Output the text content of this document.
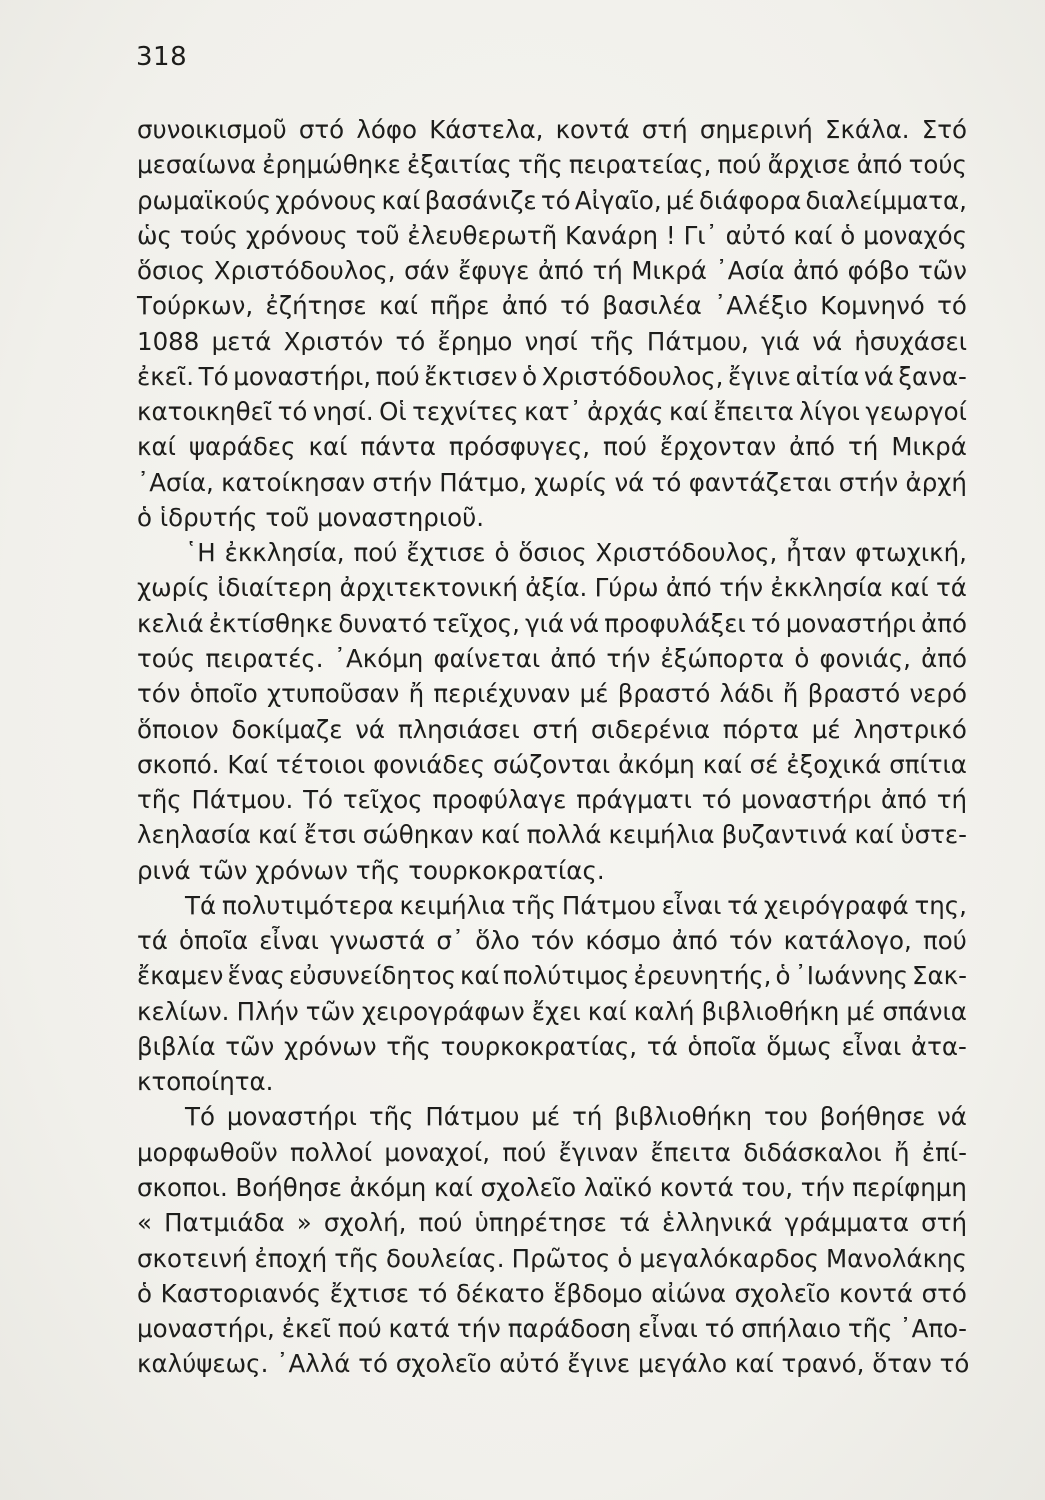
318

συνοικισμοῦ στό λόφο Κάστελα, κοντά στή σημερινή Σκάλα. Στό
μεσαίωνα ἐρημώθηκε ἐξαιτίας τῆς πειρατείας, πού ἄρχισε ἀπό τούς
ρωμαϊκούς χρόνους καί βασάνιζε τό Αἰγαῖο, μέ διάφορα διαλείμματα,
ὡς τούς χρόνους τοῦ ἐλευθερωτῆ Κανάρη ! Γι᾿ αὐτό καί ὁ μοναχός
ὅσιος Χριστόδουλος, σάν ἔφυγε ἀπό τή Μικρά ᾿Ασία ἀπό φόβο τῶν
Τούρκων, ἐζήτησε καί πῆρε ἀπό τό βασιλέα ᾿Αλέξιο Κομνηνό τό
1088 μετά Χριστόν τό ἔρημο νησί τῆς Πάτμου, γιά νά ἡσυχάσει
ἐκεῖ. Τό μοναστήρι, πού ἔκτισεν ὁ Χριστόδουλος, ἔγινε αἰτία νά ξανα-
κατοικηθεῖ τό νησί. Οἱ τεχνίτες κατ᾿ ἀρχάς καί ἔπειτα λίγοι γεωργοί
καί ψαράδες καί πάντα πρόσφυγες, πού ἔρχονταν ἀπό τή Μικρά
᾿Ασία, κατοίκησαν στήν Πάτμο, χωρίς νά τό φαντάζεται στήν ἀρχή
ὁ ἱδρυτής τοῦ μοναστηριοῦ.
῾Η ἐκκλησία, πού ἔχτισε ὁ ὅσιος Χριστόδουλος, ἦταν φτωχική,
χωρίς ἰδιαίτερη ἀρχιτεκτονική ἀξία. Γύρω ἀπό τήν ἐκκλησία καί τά
κελιά ἐκτίσθηκε δυνατό τεῖχος, γιά νά προφυλάξει τό μοναστήρι ἀπό
τούς πειρατές. ᾿Ακόμη φαίνεται ἀπό τήν ἐξώπορτα ὁ φονιάς, ἀπό
τόν ὁποῖο χτυποῦσαν ἤ περιέχυναν μέ βραστό λάδι ἤ βραστό νερό
ὅποιον δοκίμαζε νά πλησιάσει στή σιδερένια πόρτα μέ ληστρικό
σκοπό. Καί τέτοιοι φονιάδες σώζονται ἀκόμη καί σέ ἐξοχικά σπίτια
τῆς Πάτμου. Τό τεῖχος προφύλαγε πράγματι τό μοναστήρι ἀπό τή
λεηλασία καί ἔτσι σώθηκαν καί πολλά κειμήλια βυζαντινά καί ὑστε-
ρινά τῶν χρόνων τῆς τουρκοκρατίας.
Τά πολυτιμότερα κειμήλια τῆς Πάτμου εἶναι τά χειρόγραφά της,
τά ὁποῖα εἶναι γνωστά σ᾿ ὅλο τόν κόσμο ἀπό τόν κατάλογο, πού
ἔκαμεν ἕνας εὐσυνείδητος καί πολύτιμος ἐρευνητής, ὁ ᾿Ιωάννης Σακ-
κελίων. Πλήν τῶν χειρογράφων ἔχει καί καλή βιβλιοθήκη μέ σπάνια
βιβλία τῶν χρόνων τῆς τουρκοκρατίας, τά ὁποῖα ὅμως εἶναι ἀτα-
κτοποίητα.
Τό μοναστήρι τῆς Πάτμου μέ τή βιβλιοθήκη του βοήθησε νά
μορφωθοῦν πολλοί μοναχοί, πού ἔγιναν ἔπειτα διδάσκαλοι ἤ ἐπί-
σκοποι. Βοήθησε ἀκόμη καί σχολεῖο λαϊκό κοντά του, τήν περίφημη
« Πατμιάδα » σχολή, πού ὑπηρέτησε τά ἑλληνικά γράμματα στή
σκοτεινή ἐποχή τῆς δουλείας. Πρῶτος ὁ μεγαλόκαρδος Μανολάκης
ὁ Καστοριανός ἔχτισε τό δέκατο ἕβδομο αἰώνα σχολεῖο κοντά στό
μοναστήρι, ἐκεῖ πού κατά τήν παράδοση εἶναι τό σπήλαιο τῆς ᾿Απο-
καλύψεως. ᾿Αλλά τό σχολεῖο αὐτό ἔγινε μεγάλο καί τρανό, ὅταν τό
